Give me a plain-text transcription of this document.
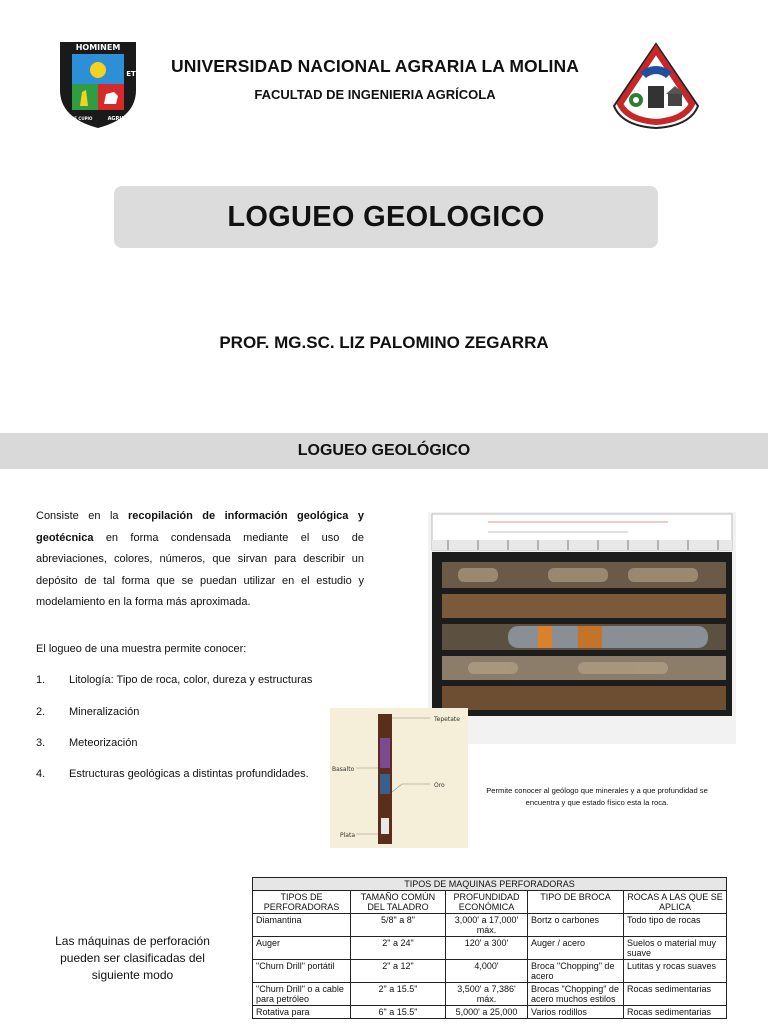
HOMINEM
ET
AGRUM
COLERE CUPIO
UNIVERSIDAD NACIONAL AGRARIA LA MOLINA
FACULTAD DE INGENIERIA AGRÍCOLA
LOGUEO GEOLOGICO
PROF. MG.SC. LIZ PALOMINO ZEGARRA
LOGUEO GEOLÓGICO
Consiste en la recopilación de información geológica y geotécnica en forma condensada mediante el uso de abreviaciones, colores, números, que sirvan para describir un depósito de tal forma que se puedan utilizar en el estudio y modelamiento en la forma más aproximada.
El logueo de una muestra permite conocer:
1. Litología: Tipo de roca, color, dureza y estructuras
2. Mineralización
3. Meteorización
4. Estructuras geológicas a distintas profundidades.
Tepetate
Basalto
Oro
Plata
Permite conocer al geólogo que minerales y a que profundidad se encuentra y que estado físico esta la roca.
Las máquinas de perforación pueden ser clasificadas del siguiente modo
TIPOS DE MAQUINAS PERFORADORAS				
TIPOS DE PERFORADORAS	TAMAÑO COMÚN DEL TALADRO	PROFUNDIDAD ECONÓMICA	TIPO DE BROCA	ROCAS A LAS QUE SE APLICA
Diamantina	5/8" a 8"	3,000' a 17,000' máx.	Bortz o carbones	Todo tipo de rocas
Auger	2" a 24"	120' a 300'	Auger / acero	Suelos o material muy suave
"Churn Drill" portátil	2" a 12"	4,000'	Broca "Chopping" de acero	Lutitas y rocas suaves
"Churn Drill" o a cable para petróleo	2" a 15.5"	3,500' a 7,386' máx.	Brocas "Chopping" de acero muchos estilos	Rocas sedimentarias
Rotativa para	6" a 15.5"	5,000' a 25,000	Varios rodillos	Rocas sedimentarias
